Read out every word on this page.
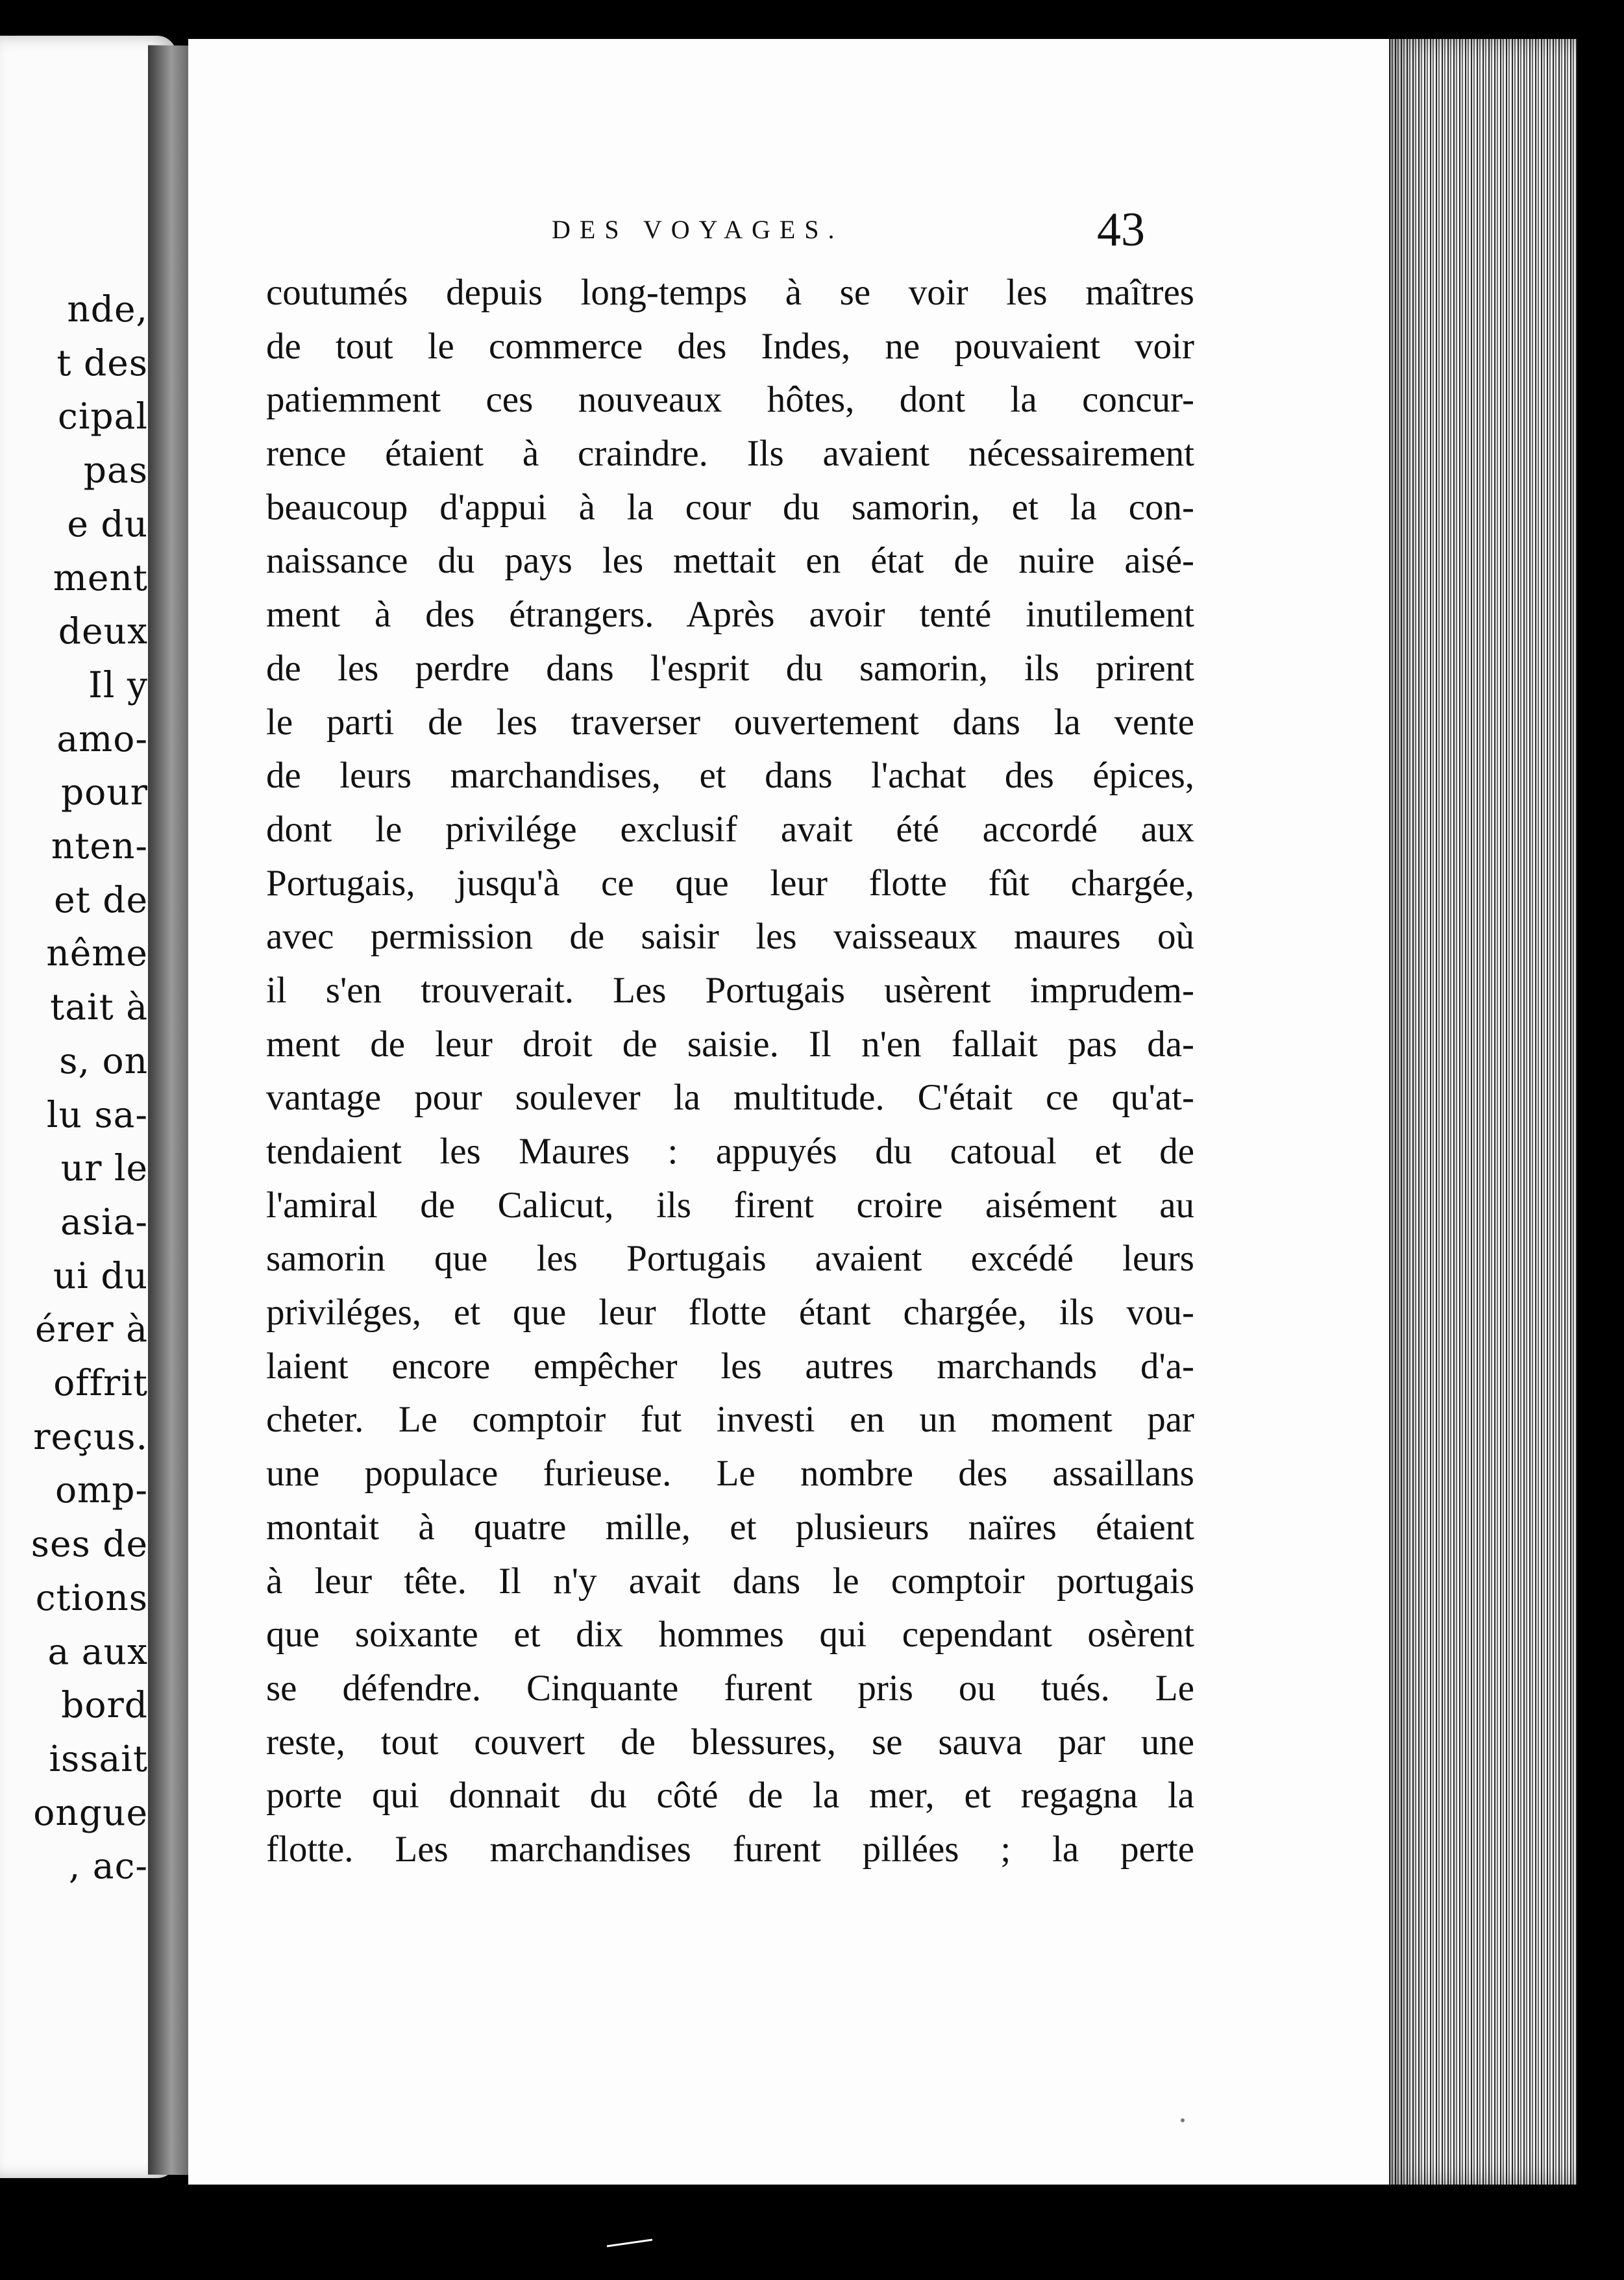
nde,
t des
cipal
pas
e du
ment
deux
Il y
amo-
pour
nten-
et de
nême
tait à
s, on
lu sa-
ur le
asia-
ui du
érer à
offrit
reçus.
omp-
ses de
ctions
a aux
bord
issait
ongue
, ac-
DES VOYAGES.	43
coutumés depuis long-temps à se voir les maîtres
de tout le commerce des Indes, ne pouvaient voir
patiemment ces nouveaux hôtes, dont la concur-
rence étaient à craindre. Ils avaient nécessairement
beaucoup d'appui à la cour du samorin, et la con-
naissance du pays les mettait en état de nuire aisé-
ment à des étrangers. Après avoir tenté inutilement
de les perdre dans l'esprit du samorin, ils prirent
le parti de les traverser ouvertement dans la vente
de leurs marchandises, et dans l'achat des épices,
dont le privilége exclusif avait été accordé aux
Portugais, jusqu'à ce que leur flotte fût chargée,
avec permission de saisir les vaisseaux maures où
il s'en trouverait. Les Portugais usèrent imprudem-
ment de leur droit de saisie. Il n'en fallait pas da-
vantage pour soulever la multitude. C'était ce qu'at-
tendaient les Maures : appuyés du catoual et de
l'amiral de Calicut, ils firent croire aisément au
samorin que les Portugais avaient excédé leurs
priviléges, et que leur flotte étant chargée, ils vou-
laient encore empêcher les autres marchands d'a-
cheter. Le comptoir fut investi en un moment par
une populace furieuse. Le nombre des assaillans
montait à quatre mille, et plusieurs naïres étaient
à leur tête. Il n'y avait dans le comptoir portugais
que soixante et dix hommes qui cependant osèrent
se défendre. Cinquante furent pris ou tués. Le
reste, tout couvert de blessures, se sauva par une
porte qui donnait du côté de la mer, et regagna la
flotte. Les marchandises furent pillées ; la perte
